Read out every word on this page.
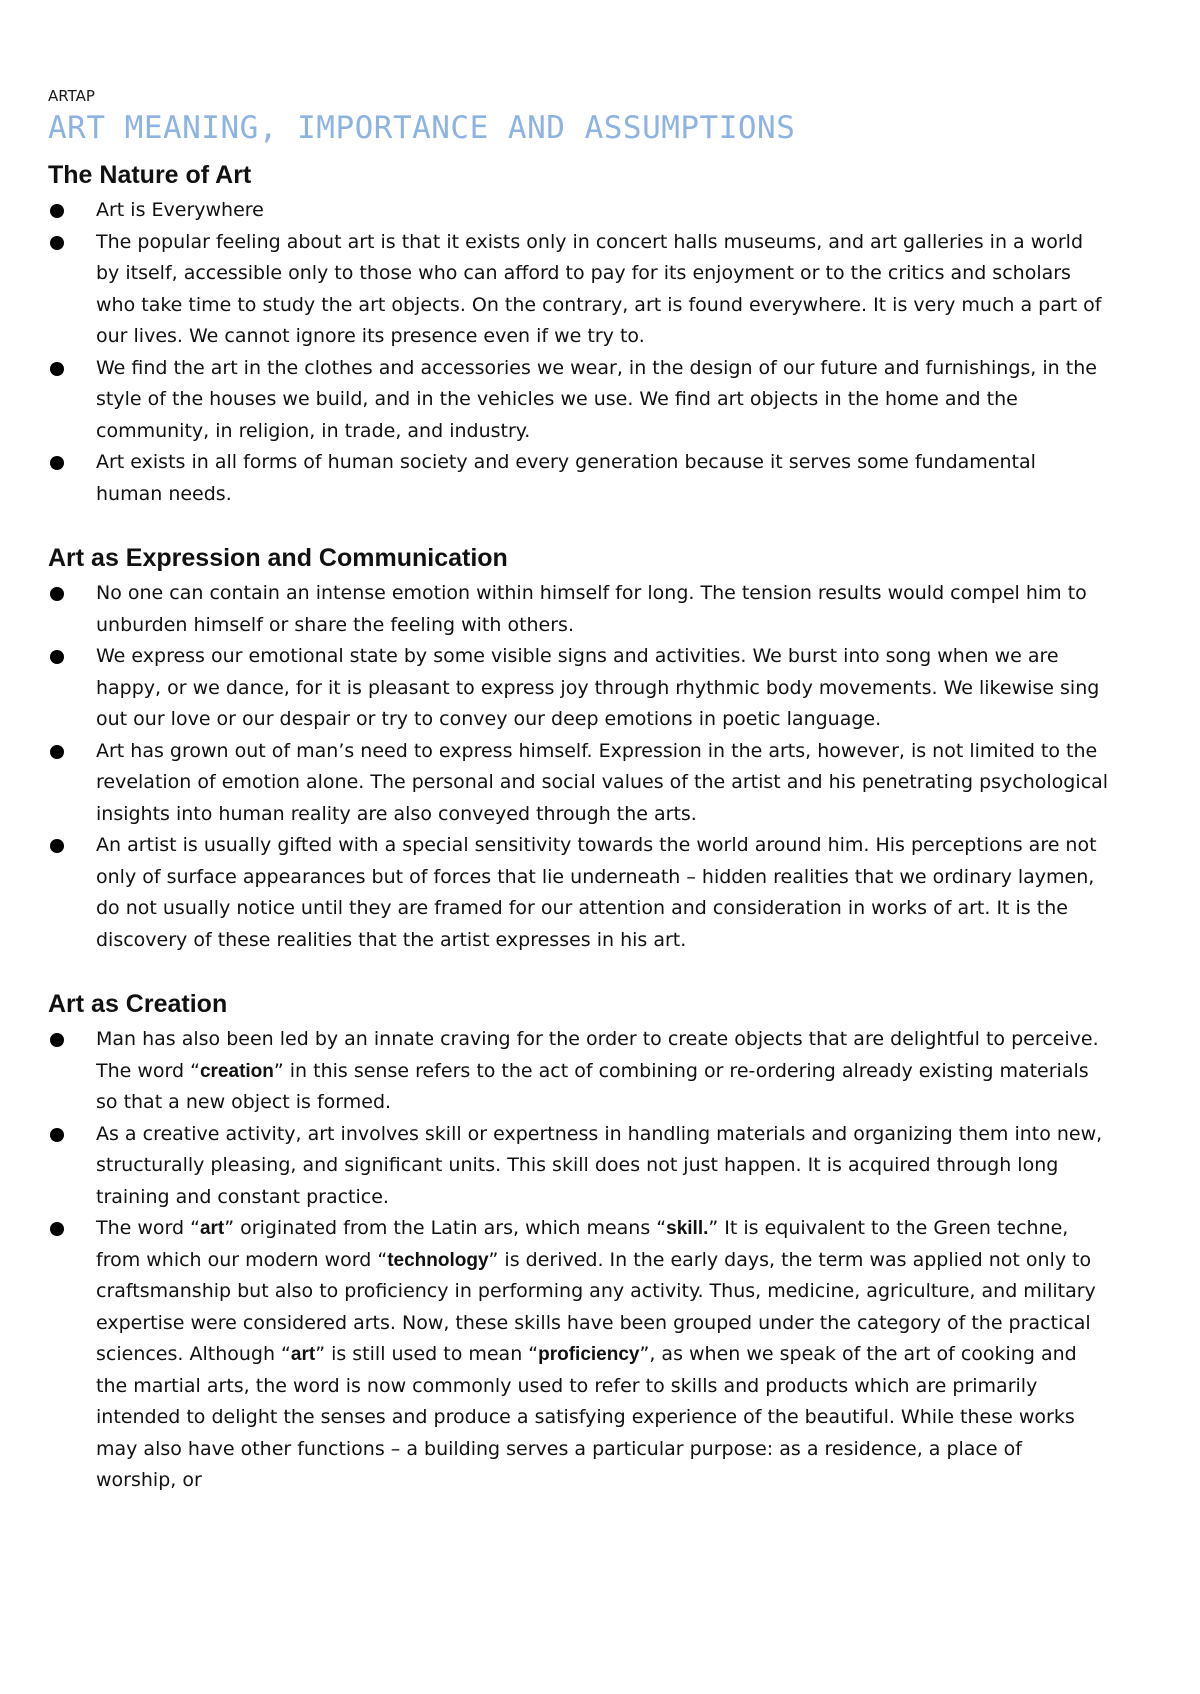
ARTAP
ART MEANING, IMPORTANCE AND ASSUMPTIONS
The Nature of Art
Art is Everywhere
The popular feeling about art is that it exists only in concert halls museums, and art galleries in a world by itself, accessible only to those who can afford to pay for its enjoyment or to the critics and scholars who take time to study the art objects. On the contrary, art is found everywhere. It is very much a part of our lives. We cannot ignore its presence even if we try to.
We find the art in the clothes and accessories we wear, in the design of our future and furnishings, in the style of the houses we build, and in the vehicles we use. We find art objects in the home and the community, in religion, in trade, and industry.
Art exists in all forms of human society and every generation because it serves some fundamental human needs.
Art as Expression and Communication
No one can contain an intense emotion within himself for long. The tension results would compel him to unburden himself or share the feeling with others.
We express our emotional state by some visible signs and activities. We burst into song when we are happy, or we dance, for it is pleasant to express joy through rhythmic body movements. We likewise sing out our love or our despair or try to convey our deep emotions in poetic language.
Art has grown out of man’s need to express himself. Expression in the arts, however, is not limited to the revelation of emotion alone. The personal and social values of the artist and his penetrating psychological insights into human reality are also conveyed through the arts.
An artist is usually gifted with a special sensitivity towards the world around him. His perceptions are not only of surface appearances but of forces that lie underneath – hidden realities that we ordinary laymen, do not usually notice until they are framed for our attention and consideration in works of art. It is the discovery of these realities that the artist expresses in his art.
Art as Creation
Man has also been led by an innate craving for the order to create objects that are delightful to perceive. The word “creation” in this sense refers to the act of combining or re-ordering already existing materials so that a new object is formed.
As a creative activity, art involves skill or expertness in handling materials and organizing them into new, structurally pleasing, and significant units. This skill does not just happen. It is acquired through long training and constant practice.
The word “art” originated from the Latin ars, which means “skill.” It is equivalent to the Green techne, from which our modern word “technology” is derived. In the early days, the term was applied not only to craftsmanship but also to proficiency in performing any activity. Thus, medicine, agriculture, and military expertise were considered arts. Now, these skills have been grouped under the category of the practical sciences. Although “art” is still used to mean “proficiency”, as when we speak of the art of cooking and the martial arts, the word is now commonly used to refer to skills and products which are primarily intended to delight the senses and produce a satisfying experience of the beautiful. While these works may also have other functions – a building serves a particular purpose: as a residence, a place of worship, or
